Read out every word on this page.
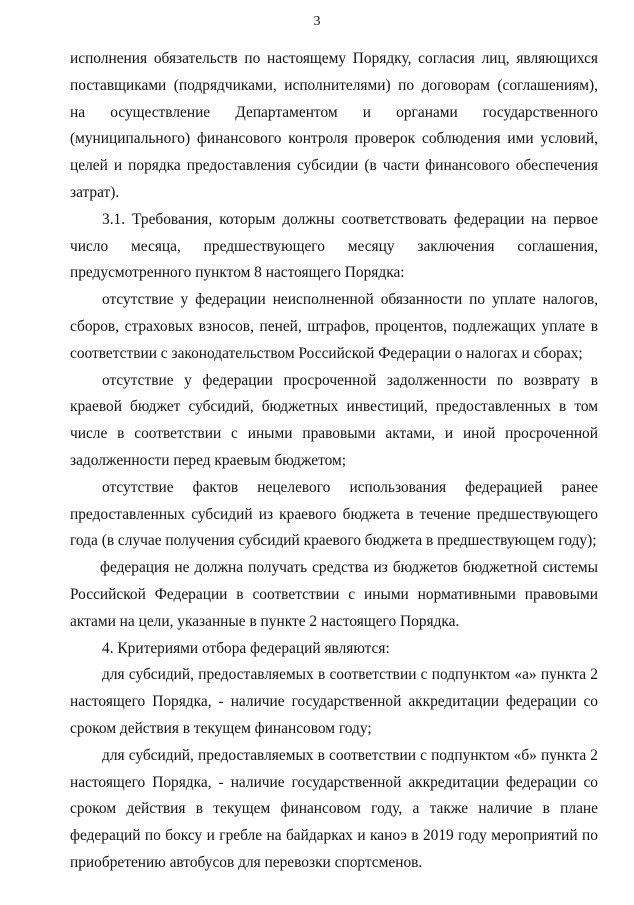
3

исполнения обязательств по настоящему Порядку, согласия лиц, являющихся поставщиками (подрядчиками, исполнителями) по договорам (соглашениям), на осуществление Департаментом и органами государственного (муниципального) финансового контроля проверок соблюдения ими условий, целей и порядка предоставления субсидии (в части финансового обеспечения затрат).

3.1. Требования, которым должны соответствовать федерации на первое число месяца, предшествующего месяцу заключения соглашения, предусмотренного пунктом 8 настоящего Порядка:

отсутствие у федерации неисполненной обязанности по уплате налогов, сборов, страховых взносов, пеней, штрафов, процентов, подлежащих уплате в соответствии с законодательством Российской Федерации о налогах и сборах;

отсутствие у федерации просроченной задолженности по возврату в краевой бюджет субсидий, бюджетных инвестиций, предоставленных в том числе в соответствии с иными правовыми актами, и иной просроченной задолженности перед краевым бюджетом;

отсутствие фактов нецелевого использования федерацией ранее предоставленных субсидий из краевого бюджета в течение предшествующего года (в случае получения субсидий краевого бюджета в предшествующем году);

федерация не должна получать средства из бюджетов бюджетной системы Российской Федерации в соответствии с иными нормативными правовыми актами на цели, указанные в пункте 2 настоящего Порядка.

4. Критериями отбора федераций являются:

для субсидий, предоставляемых в соответствии с подпунктом «а» пункта 2 настоящего Порядка, - наличие государственной аккредитации федерации со сроком действия в текущем финансовом году;

для субсидий, предоставляемых в соответствии с подпунктом «б» пункта 2 настоящего Порядка, - наличие государственной аккредитации федерации со сроком действия в текущем финансовом году, а также наличие в плане федераций по боксу и гребле на байдарках и каноэ в 2019 году мероприятий по приобретению автобусов для перевозки спортсменов.
